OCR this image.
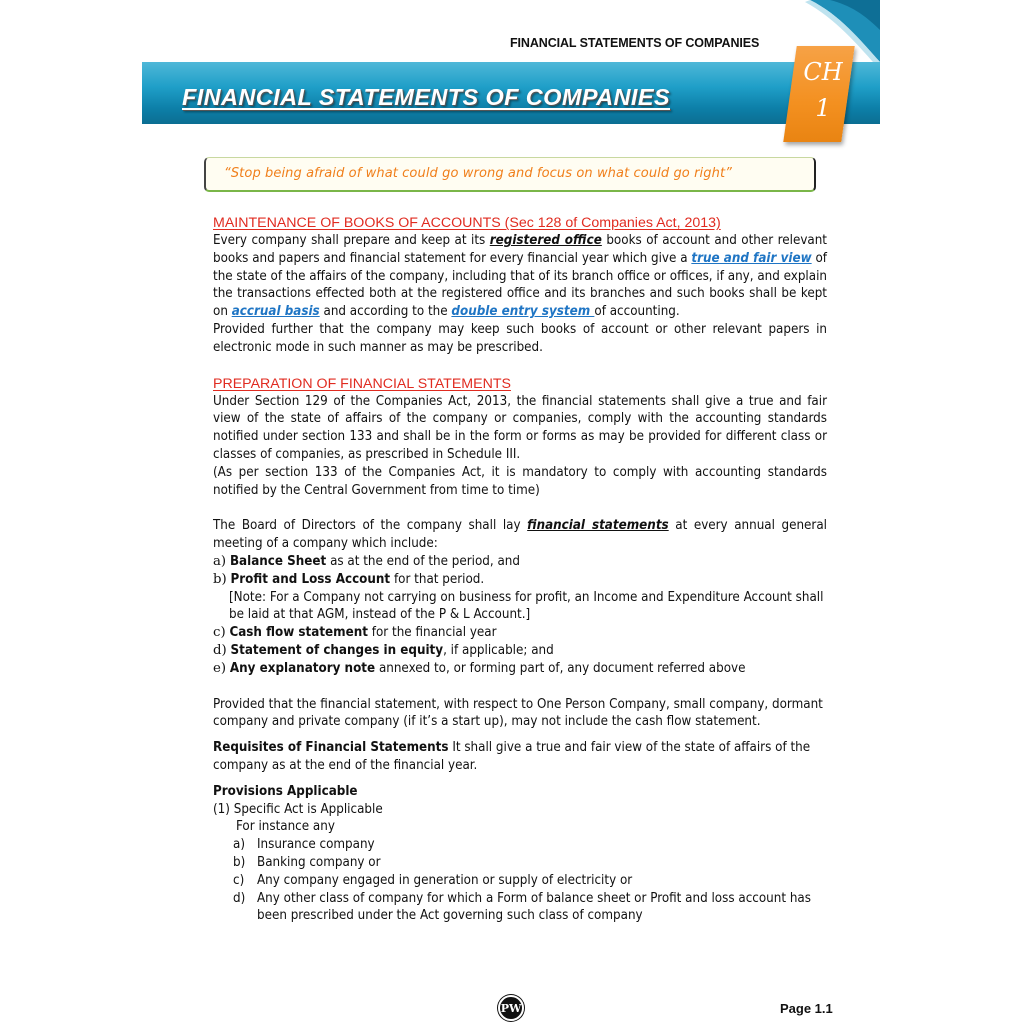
FINANCIAL STATEMENTS OF COMPANIES
FINANCIAL STATEMENTS OF COMPANIES
CH
1
“Stop being afraid of what could go wrong and focus on what could go right”

MAINTENANCE OF BOOKS OF ACCOUNTS (Sec 128 of Companies Act, 2013)

Every company shall prepare and keep at its registered office books of account and other relevant books and papers and financial statement for every financial year which give a true and fair view of the state of the affairs of the company, including that of its branch office or offices, if any, and explain the transactions effected both at the registered office and its branches and such books shall be kept on accrual basis and according to the double entry system of accounting.

Provided further that the company may keep such books of account or other relevant papers in electronic mode in such manner as may be prescribed.

PREPARATION OF FINANCIAL STATEMENTS

Under Section 129 of the Companies Act, 2013, the financial statements shall give a true and fair view of the state of affairs of the company or companies, comply with the accounting standards notified under section 133 and shall be in the form or forms as may be provided for different class or classes of companies, as prescribed in Schedule III.

(As per section 133 of the Companies Act, it is mandatory to comply with accounting standards notified by the Central Government from time to time)

The Board of Directors of the company shall lay financial statements at every annual general meeting of a company which include:

a) Balance Sheet as at the end of the period, and

b) Profit and Loss Account for that period.

[Note: For a Company not carrying on business for profit, an Income and Expenditure Account shall be laid at that AGM, instead of the P & L Account.]

c) Cash flow statement for the financial year

d) Statement of changes in equity, if applicable; and

e) Any explanatory note annexed to, or forming part of, any document referred above

Provided that the financial statement, with respect to One Person Company, small company, dormant company and private company (if it’s a start up), may not include the cash flow statement.

Requisites of Financial Statements It shall give a true and fair view of the state of affairs of the company as at the end of the financial year.

Provisions Applicable

(1) Specific Act is Applicable

For instance any

a) Insurance company
b) Banking company or
c) Any company engaged in generation or supply of electricity or
d) Any other class of company for which a Form of balance sheet or Profit and loss account has been prescribed under the Act governing such class of company
PW	Page 1.1
